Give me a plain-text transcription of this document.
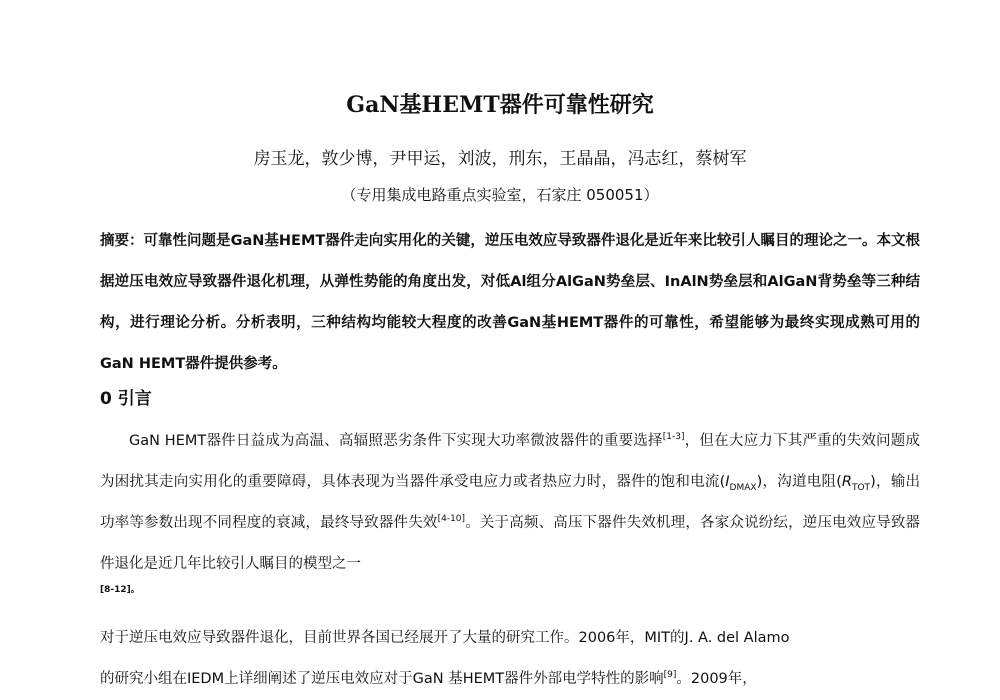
GaN基HEMT器件可靠性研究
房玉龙，敦少博，尹甲运，刘波，刑东，王晶晶，冯志红，蔡树军
（专用集成电路重点实验室，石家庄 050051）
摘要：可靠性问题是GaN基HEMT器件走向实用化的关键，逆压电效应导致器件退化是近年来比较引人瞩目的理论之一。本文根据逆压电效应导致器件退化机理，从弹性势能的角度出发，对低Al组分AlGaN势垒层、InAlN势垒层和AlGaN背势垒等三种结构，进行理论分析。分析表明，三种结构均能较大程度的改善GaN基HEMT器件的可靠性，希望能够为最终实现成熟可用的GaN HEMT器件提供参考。
0 引言
GaN HEMT器件日益成为高温、高辐照恶劣条件下实现大功率微波器件的重要选择[1-3]，但在大应力下其严重的失效问题成为困扰其走向实用化的重要障碍，具体表现为当器件承受电应力或者热应力时，器件的饱和电流$(I_{DMAX})$，沟道电阻$(R_{TOT})$，输出功率等参数出现不同程度的衰减，最终导致器件失效[4-10]。关于高频、高压下器件失效机理，各家众说纷纭，逆压电效应导致器件退化是近几年比较引人瞩目的模型之一
[8-12]。
对于逆压电效应导致器件退化，目前世界各国已经展开了大量的研究工作。2006年，MIT的J. A. del Alamo
的研究小组在IEDM上详细阐述了逆压电效应对于GaN 基HEMT器件外部电学特性的影响[9]。2009年，
